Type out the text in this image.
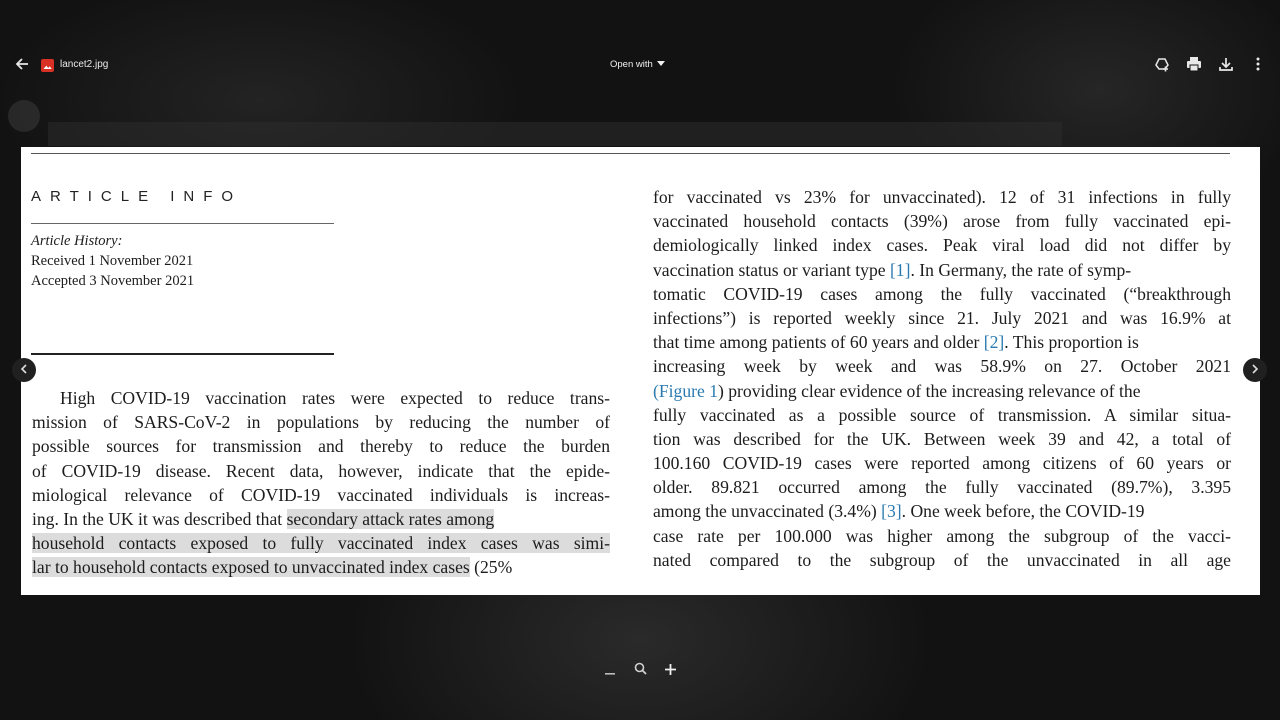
lancet2.jpg	Open with
ARTICLE INFO
Article History:
Received 1 November 2021
Accepted 3 November 2021
High COVID-19 vaccination rates were expected to reduce trans-
mission of SARS-CoV-2 in populations by reducing the number of
possible sources for transmission and thereby to reduce the burden
of COVID-19 disease. Recent data, however, indicate that the epide-
miological relevance of COVID-19 vaccinated individuals is increas-
ing. In the UK it was described that secondary attack rates among
household contacts exposed to fully vaccinated index cases was simi-
lar to household contacts exposed to unvaccinated index cases (25%
for vaccinated vs 23% for unvaccinated). 12 of 31 infections in fully
vaccinated household contacts (39%) arose from fully vaccinated epi-
demiologically linked index cases. Peak viral load did not differ by
vaccination status or variant type [1]. In Germany, the rate of symp-
tomatic COVID-19 cases among the fully vaccinated (“breakthrough
infections”) is reported weekly since 21. July 2021 and was 16.9% at
that time among patients of 60 years and older [2]. This proportion is
increasing week by week and was 58.9% on 27. October 2021
(Figure 1) providing clear evidence of the increasing relevance of the
fully vaccinated as a possible source of transmission. A similar situa-
tion was described for the UK. Between week 39 and 42, a total of
100.160 COVID-19 cases were reported among citizens of 60 years or
older. 89.821 occurred among the fully vaccinated (89.7%), 3.395
among the unvaccinated (3.4%) [3]. One week before, the COVID-19
case rate per 100.000 was higher among the subgroup of the vacci-
nated compared to the subgroup of the unvaccinated in all age
